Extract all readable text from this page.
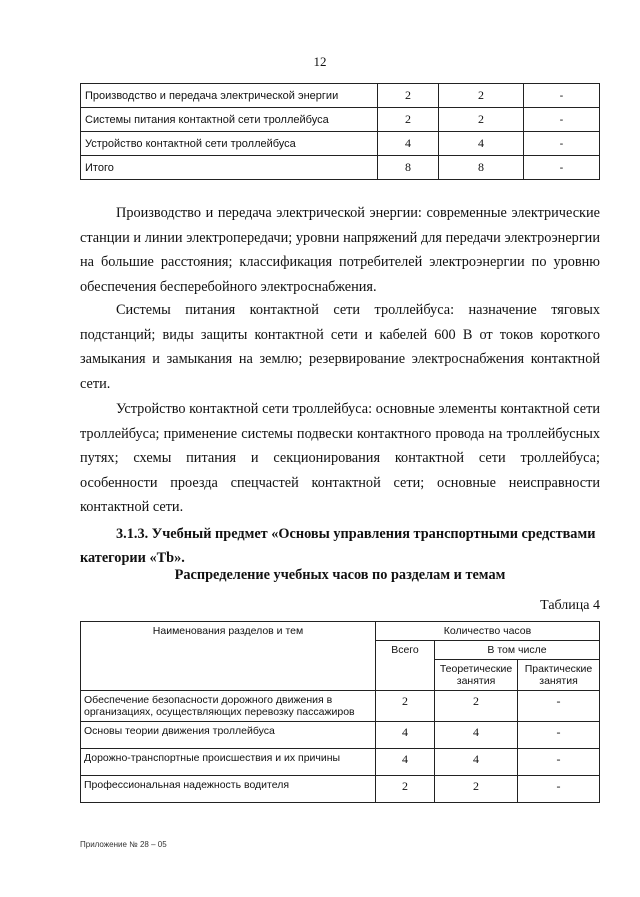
12
Производство и передача электрической энергии	2	2	-
Системы питания контактной сети троллейбуса	2	2	-
Устройство контактной сети троллейбуса	4	4	-
Итого	8	8	-

Производство и передача электрической энергии: современные электрические станции и линии электропередачи; уровни напряжений для передачи электроэнергии на большие расстояния; классификация потребителей электроэнергии по уровню обеспечения бесперебойного электроснабжения.

Системы питания контактной сети троллейбуса: назначение тяговых подстанций; виды защиты контактной сети и кабелей 600 В от токов короткого замыкания и замыкания на землю; резервирование электроснабжения контактной сети.

Устройство контактной сети троллейбуса: основные элементы контактной сети троллейбуса; применение системы подвески контактного провода на троллейбусных путях; схемы питания и секционирования контактной сети троллейбуса; особенности проезда спецчастей контактной сети; основные неисправности контактной сети.

3.1.3. Учебный предмет «Основы управления транспортными средствами категории «Tb».

Распределение учебных часов по разделам и темам

Таблица 4

Наименования разделов и тем	Количество часов		
	Всего	В том числе	
		Теоретические занятия	Практические занятия
Обеспечение безопасности дорожного движения в организациях, осуществляющих перевозку пассажиров	2	2	-
Основы теории движения троллейбуса	4	4	-
Дорожно-транспортные происшествия и их причины	4	4	-
Профессиональная надежность водителя	2	2	-
Приложение № 28 – 05
